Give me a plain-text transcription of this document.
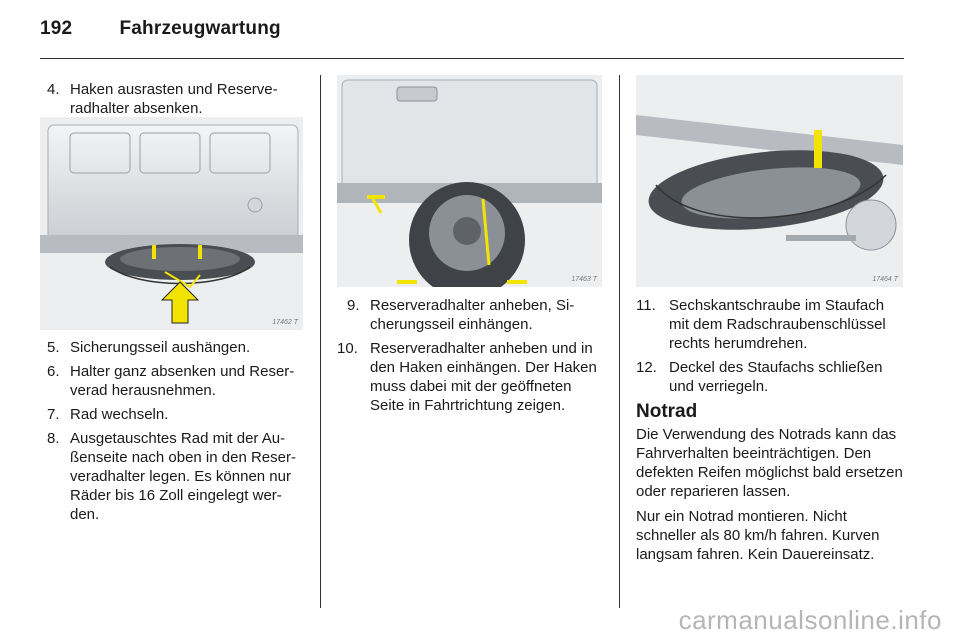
192 Fahrzeugwartung
4. Haken ausrasten und Reserve-radhalter absenken.
17462 T
5. Sicherungsseil aushängen.
6. Halter ganz absenken und Reser-verad herausnehmen.
7. Rad wechseln.
8. Ausgetauschtes Rad mit der Au-ßenseite nach oben in den Reser-veradhalter legen. Es können nur Räder bis 16 Zoll eingelegt wer-den.
17463 T
9. Reserveradhalter anheben, Si-cherungsseil einhängen.
10. Reserveradhalter anheben und in den Haken einhängen. Der Haken muss dabei mit der geöffneten Seite in Fahrtrichtung zeigen.
17464 T
11. Sechskantschraube im Staufach mit dem Radschraubenschlüssel rechts herumdrehen.
12. Deckel des Staufachs schließen und verriegeln.
Notrad

Die Verwendung des Notrads kann das Fahrverhalten beeinträchtigen. Den defekten Reifen möglichst bald ersetzen oder reparieren lassen.

Nur ein Notrad montieren. Nicht schneller als 80 km/h fahren. Kurven langsam fahren. Kein Dauereinsatz.

carmanualsonline.info
